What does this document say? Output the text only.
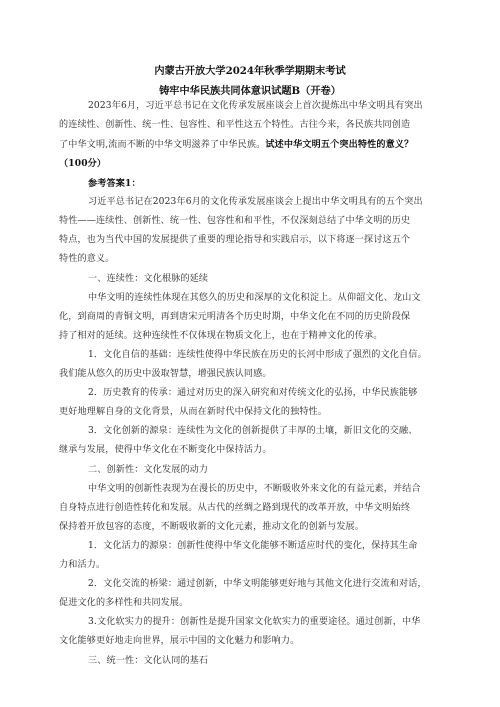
内蒙古开放大学2024年秋季学期期末考试
铸牢中华民族共同体意识试题B（开卷）
2023年6月，习近平总书记在文化传承发展座谈会上首次提炼出中华文明具有突出
的连续性、创新性、统一性、包容性、和平性这五个特性。古往今来，各民族共同创造
了中华文明,流而不断的中华文明滋养了中华民族。试述中华文明五个突出特性的意义？
（100分）
参考答案1：
习近平总书记在2023年6月的文化传承发展座谈会上提出中华文明具有的五个突出
特性——连续性、创新性、统一性、包容性和和平性，不仅深刻总结了中华文明的历史
特点，也为当代中国的发展提供了重要的理论指导和实践启示，以下将逐一探讨这五个
特性的意义。
一、连续性：文化根脉的延续
中华文明的连续性体现在其悠久的历史和深厚的文化积淀上。从仰韶文化、龙山文
化，到商周的青铜文明，再到唐宋元明清各个历史时期，中华文化在不同的历史阶段保
持了相对的延续。这种连续性不仅体现在物质文化上，也在于精神文化的传承。
1．文化自信的基础：连续性使得中华民族在历史的长河中形成了强烈的文化自信。
我们能从悠久的历史中汲取智慧，增强民族认同感。
2．历史教育的传承：通过对历史的深入研究和对传统文化的弘扬，中华民族能够
更好地理解自身的文化背景，从而在新时代中保持文化的独特性。
3．文化创新的源泉：连续性为文化的创新提供了丰厚的土壤，新旧文化的交融、
继承与发展，使得中华文化在不断变化中保持活力。
二、创新性：文化发展的动力
中华文明的创新性表现为在漫长的历史中，不断吸收外来文化的有益元素，并结合
自身特点进行创造性转化和发展。从古代的丝绸之路到现代的改革开放，中华文明始终
保持着开放包容的态度，不断吸收新的文化元素，推动文化的创新与发展。
1．文化活力的源泉：创新性使得中华文化能够不断适应时代的变化，保持其生命
力和活力。
2．文化交流的桥梁：通过创新，中华文明能够更好地与其他文化进行交流和对话，
促进文化的多样性和共同发展。
3.文化软实力的提升：创新性是提升国家文化软实力的重要途径。通过创新，中华
文化能够更好地走向世界，展示中国的文化魅力和影响力。
三、统一性：文化认同的基石
